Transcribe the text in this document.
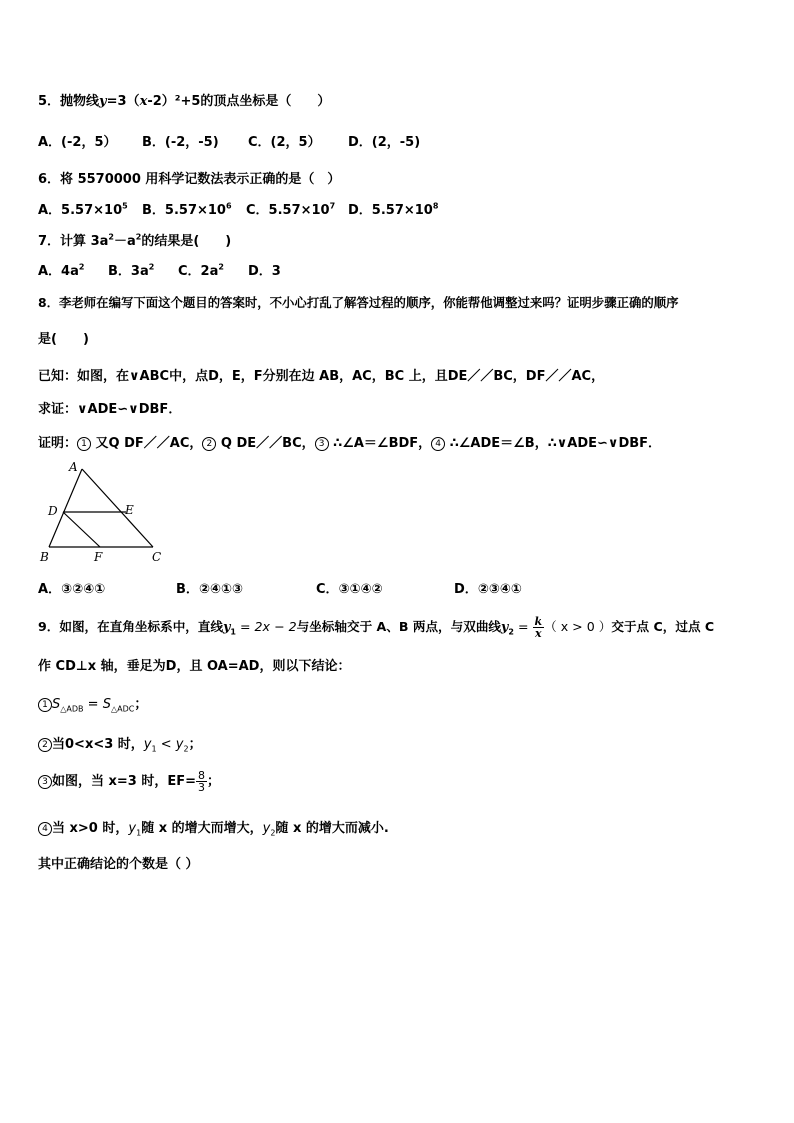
5．抛物线y=3（x-2）²+5的顶点坐标是（　　）
A．(-2，5） B．(-2，-5) C．(2，5） D．(2，-5)
6．将 5570000 用科学记数法表示正确的是（　）
A．$5.57\times 10^5$ B．$5.57\times 10^6$ C．$5.57\times 10^7$ D．$5.57\times 10^8$
7．计算 $3a^2-a^2$的结果是(　　)
A．$4a^2$ B．$3a^2$ C．$2a^2$ D．3
8．李老师在编写下面这个题目的答案时，不小心打乱了解答过程的顺序，你能帮他调整过来吗？证明步骤正确的顺序
是(　　)
已知：如图，在∨ABC中，点D，E，F分别在边 AB，AC，BC 上，且DE／／BC，DF／／AC，
求证：∨ADE∽∨DBF．
证明： 1 又Q DF／／AC， 2 Q DE／／BC， 3 ∴∠A＝∠BDF， 4 ∴∠ADE＝∠B，∴∨ADE∽∨DBF．
A
D	E
B	F	C
A．③②④①	B．②④①③	C．③①④②	D．②③④①
9．如图，在直角坐标系中，直线$y_1 = 2x - 2$与坐标轴交于 A、B 两点，与双曲线$y_2 = \frac{k}{x}$ （ x > 0 ）交于点 C，过点 C
作 CD⊥x 轴，垂足为D，且 OA=AD，则以下结论：
1 $S_{\triangle ADB} = S_{\triangle ADC}$；
2 当0<x<3 时，$y_1 < y_2$；
3 如图，当 x=3 时，$EF= \frac{8}{3}$ ；
4 当 x>0 时，$y_1$随 x 的增大而增大，$y_2$随 x 的增大而减小.
其中正确结论的个数是（ ）
